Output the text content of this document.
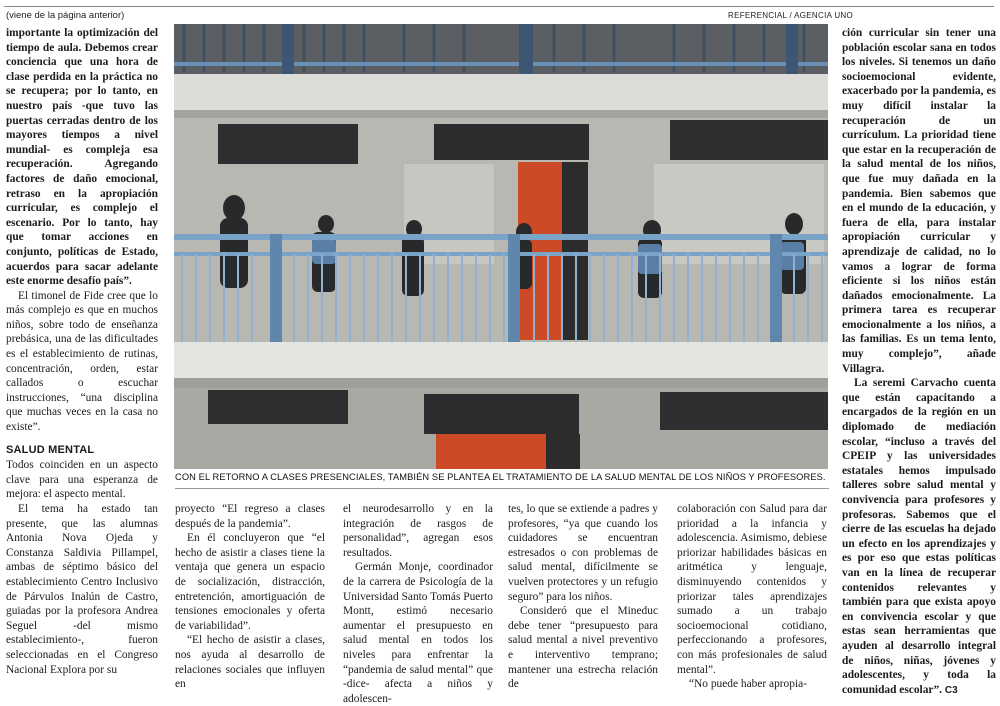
(viene de la página anterior)	REFERENCIAL / AGENCIA UNO

importante la optimización del tiempo de aula. Debemos crear conciencia que una hora de clase perdida en la práctica no se recupera; por lo tanto, en nuestro país -que tuvo las puertas cerradas dentro de los mayores tiempos a nivel mundial- es compleja esa recuperación. Agregando factores de daño emocional, retraso en la apropiación curricular, es complejo el escenario. Por lo tanto, hay que tomar acciones en conjunto, políticas de Estado, acuerdos para sacar adelante este enorme desafío país”.

El timonel de Fide cree que lo más complejo es que en muchos niños, sobre todo de enseñanza prebásica, una de las dificultades es el establecimiento de rutinas, concentración, orden, estar callados o escuchar instrucciones, “una disciplina que muchas veces en la casa no existe”.

SALUD MENTAL

Todos coinciden en un aspecto clave para una esperanza de mejora: el aspecto mental.

El tema ha estado tan presente, que las alumnas Antonia Nova Ojeda y Constanza Saldivia Pillampel, ambas de séptimo básico del establecimiento Centro Inclusivo de Párvulos Inalún de Castro, guiadas por la profesora Andrea Seguel -del mismo establecimiento-, fueron seleccionadas en el Congreso Nacional Explora por su

CON EL RETORNO A CLASES PRESENCIALES, TAMBIÉN SE PLANTEA EL TRATAMIENTO DE LA SALUD MENTAL DE LOS NIÑOS Y PROFESORES.

proyecto “El regreso a clases después de la pandemia”.

En él concluyeron que “el hecho de asistir a clases tiene la ventaja que genera un espacio de socialización, distracción, entretención, amortiguación de tensiones emocionales y oferta de variabilidad”.

“El hecho de asistir a clases, nos ayuda al desarrollo de relaciones sociales que influyen en

el neurodesarrollo y en la integración de rasgos de personalidad”, agregan esos resultados.

Germán Monje, coordinador de la carrera de Psicología de la Universidad Santo Tomás Puerto Montt, estimó necesario aumentar el presupuesto en salud mental en todos los niveles para enfrentar la “pandemia de salud mental” que -dice- afecta a niños y adolescen-

tes, lo que se extiende a padres y profesores, “ya que cuando los cuidadores se encuentran estresados o con problemas de salud mental, difícilmente se vuelven protectores y un refugio seguro” para los niños.

Consideró que el Mineduc debe tener “presupuesto para salud mental a nivel preventivo e interventivo temprano; mantener una estrecha relación de

colaboración con Salud para dar prioridad a la infancia y adolescencia. Asimismo, debiese priorizar habilidades básicas en aritmética y lenguaje, disminuyendo contenidos y priorizar tales aprendizajes sumado a un trabajo socioemocional cotidiano, perfeccionando a profesores, con más profesionales de salud mental”.

“No puede haber apropia-

ción curricular sin tener una población escolar sana en todos los niveles. Si tenemos un daño socioemocional evidente, exacerbado por la pandemia, es muy difícil instalar la recuperación de un currículum. La prioridad tiene que estar en la recuperación de la salud mental de los niños, que fue muy dañada en la pandemia. Bien sabemos que en el mundo de la educación, y fuera de ella, para instalar apropiación curricular y aprendizaje de calidad, no lo vamos a lograr de forma eficiente si los niños están dañados emocionalmente. La primera tarea es recuperar emocionalmente a los niños, a las familias. Es un tema lento, muy complejo”, añade Villagra.

La seremi Carvacho cuenta que están capacitando a encargados de la región en un diplomado de mediación escolar, “incluso a través del CPEIP y las universidades estatales hemos impulsado talleres sobre salud mental y convivencia para profesores y profesoras. Sabemos que el cierre de las escuelas ha dejado un efecto en los aprendizajes y es por eso que estas políticas van en la línea de recuperar contenidos relevantes y también para que exista apoyo en convivencia escolar y que estas sean herramientas que ayuden al desarrollo integral de niños, niñas, jóvenes y adolescentes, y toda la comunidad escolar”. C3
